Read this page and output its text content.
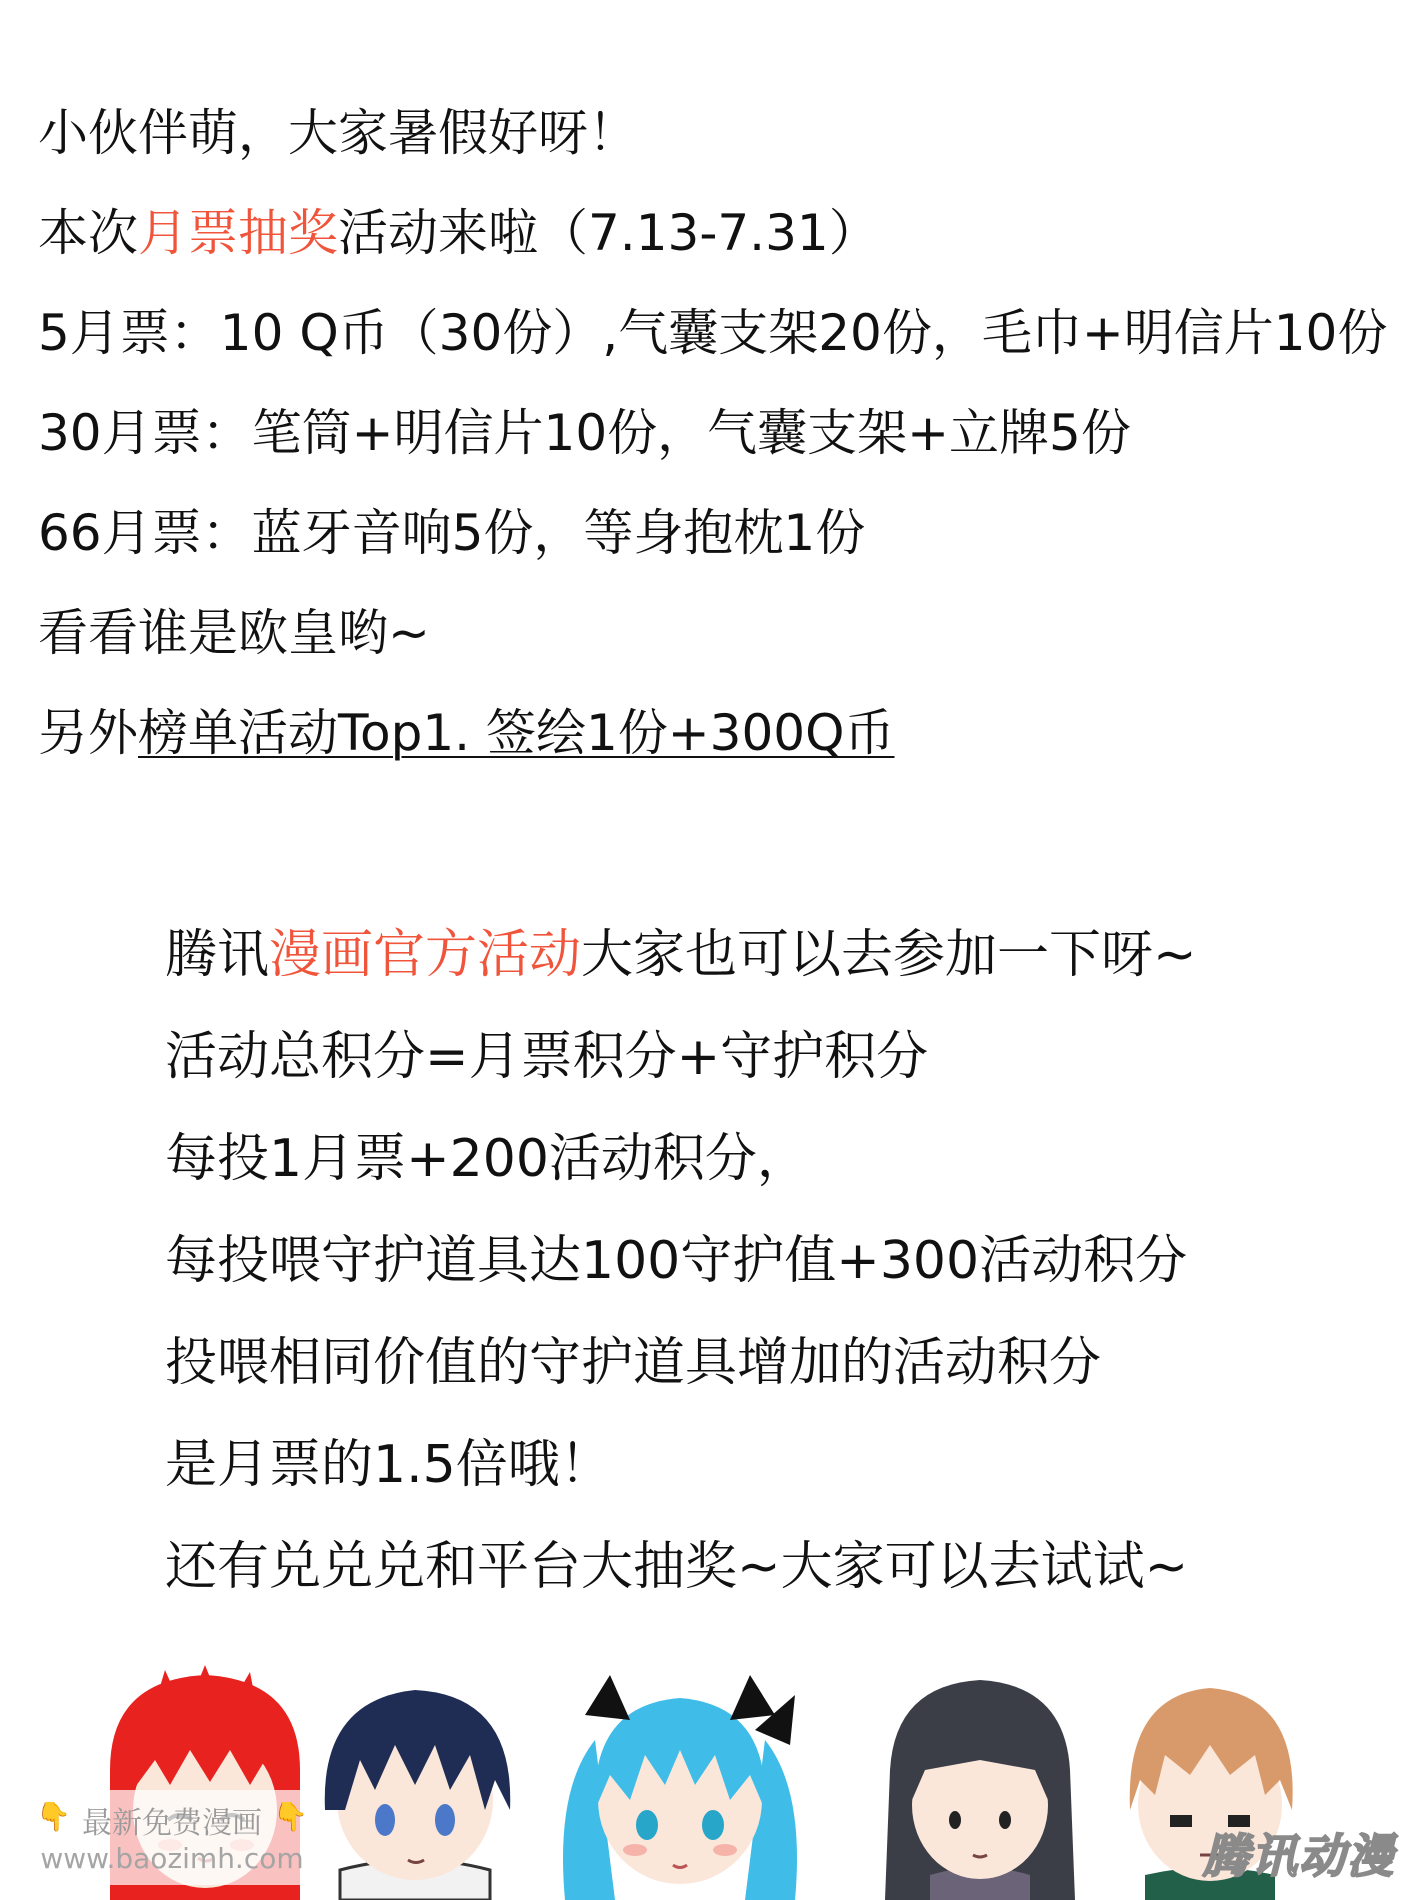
小伙伴萌，大家暑假好呀！
本次月票抽奖活动来啦（7.13-7.31）
5月票：10 Q币（30份）,气囊支架20份，毛巾+明信片10份
30月票：笔筒+明信片10份，气囊支架+立牌5份
66月票：蓝牙音响5份，等身抱枕1份
看看谁是欧皇哟~
另外榜单活动Top1. 签绘1份+300Q币
腾讯漫画官方活动大家也可以去参加一下呀~
活动总积分=月票积分+守护积分
每投1月票+200活动积分，
每投喂守护道具达100守护值+300活动积分
投喂相同价值的守护道具增加的活动积分
是月票的1.5倍哦！
还有兑兑兑和平台大抽奖~大家可以去试试~
👇	👇
最新免费漫画
www.baozimh.com	腾讯动漫
